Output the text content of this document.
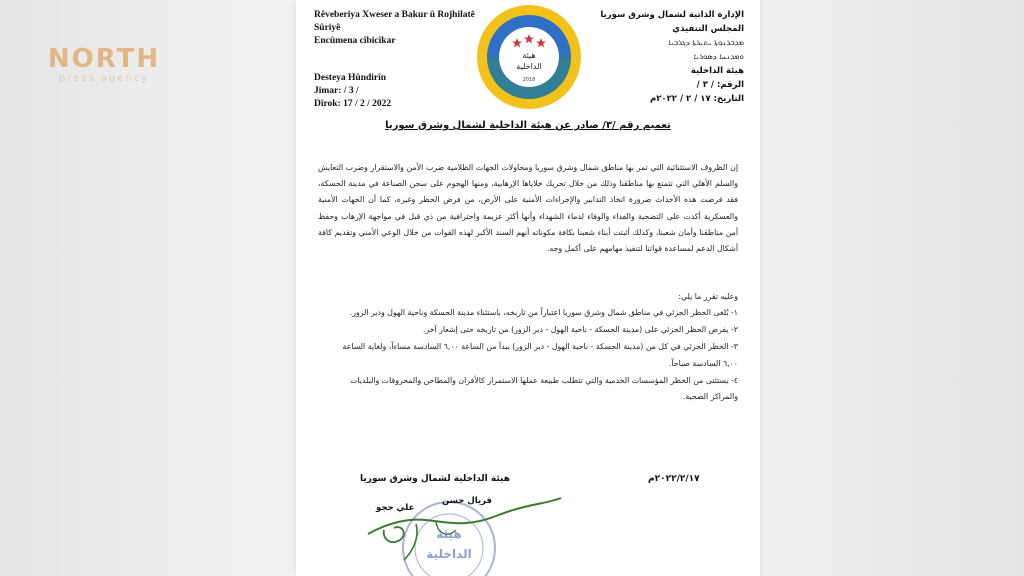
NORTH
press agency
Rêveberiya Xweser a Bakur û Rojhilatê Sûriyê
Encûmena cîbicîkar
Desteya Hûndirîn
Jimar: / 3 /
Dîrok: 17 / 2 / 2022
هيئة
الداخلية
2018
الإدارة الذاتية لشمال وشرق سوريا
المجلس التنفيذي
ܡܕܒܪܢܘܬܐ ܝܬܝܪܬܐ ܕܓܪܒܝܐ
ܘܡܕܢܚܐ ܕܣܘܪܝܐ
هيئة الداخلية
الرقم: / ٣ /
التاريخ: ١٧ / ٢ / ٢٠٢٢م
تعميم رقم /٣/ صادر عن هيئة الداخلية لشمال وشرق سوريا
إن الظروف الاستثنائية التي تمر بها مناطق شمال وشرق سوريا ومحاولات الجهات الظلامية ضرب الأمن والاستقرار وضرب التعايش والسلم الأهلي التي تتمتع بها مناطقنا وذلك من خلال تحريك خلاياها الإرهابية، ومنها الهجوم على سجن الصناعة في مدينة الحسكة، فقد فرضت هذه الأحداث ضرورة اتخاذ التدابير والإجراءات الأمنية على الأرض، من فرض الحظر وغيره، كما أن الجهات الأمنية والعسكرية أكدت على التضحية والفداء والوفاء لدماء الشهداء وأنها أكثر عزيمة واحترافية من ذي قبل في مواجهة الإرهاب وحفظ أمن مناطقنا وأمان شعبنا، وكذلك أثبتت أبناء شعبنا بكافة مكوناته أنهم السند الأكبر لهذه القوات من خلال الوعي الأمني وتقديم كافة أشكال الدعم لمساعدة قواتنا لتنفيذ مهامهم على أكمل وجه.
وعليه تقرر ما يلي:
١- يُلغى الحظر الجزئي في مناطق شمال وشرق سوريا اعتباراً من تاريخه، باستثناء مدينة الحسكة وناحية الهول ودير الزور.
٢- يفرض الحظر الجزئي على (مدينة الحسكة - ناحية الهول - دير الزور) من تاريخه حتى إشعار آخر.
٣- الحظر الجزئي في كل من (مدينة الحسكة - ناحية الهول - دير الزور) يبدأ من الساعة ٦,٠٠ السادسة مساءاً، ولغاية الساعة ٦,٠٠ السادسة صباحاً.
٤- يستثنى من الحظر المؤسسات الخدمية والتي تتطلب طبيعة عملها الاستمرار كالأفران والمطاحن والمحروقات والبلديات والمراكز الصحية.
٢٠٢٢/٢/١٧م
هيئة الداخلية لشمال وشرق سوريا
هيئة
الداخلية
قريال حسن
علي حجو
